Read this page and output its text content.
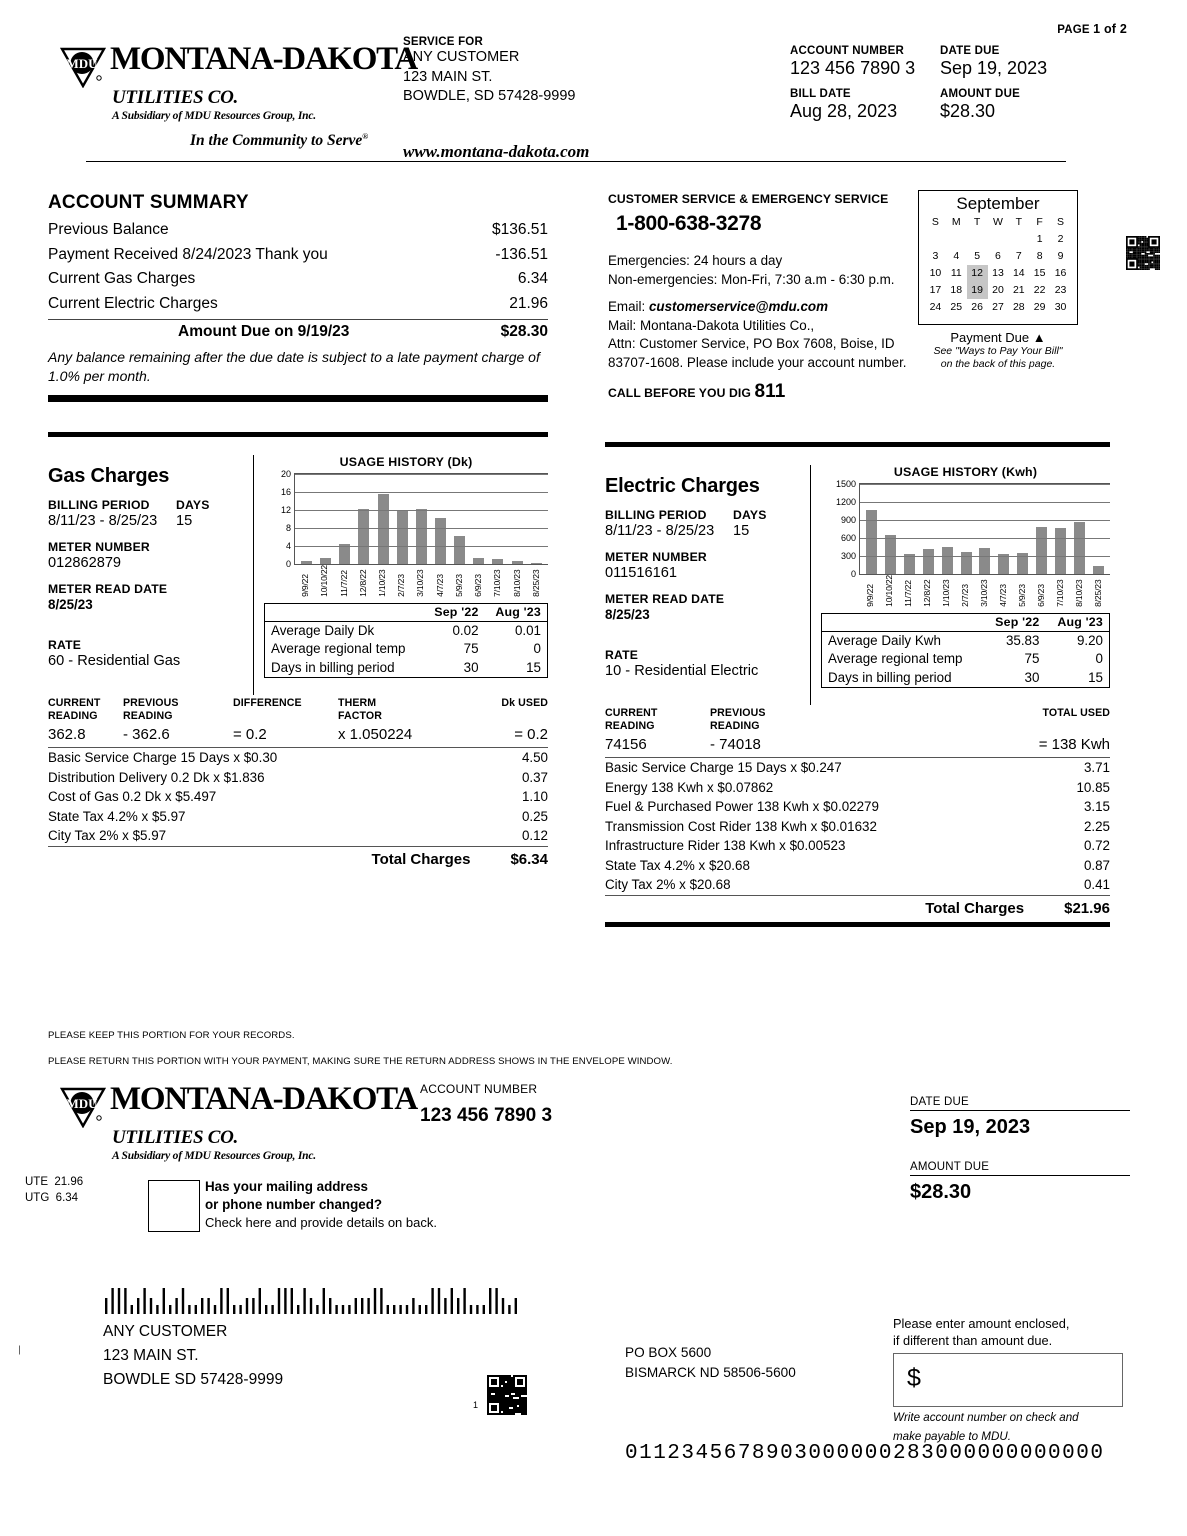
MDU MONTANA-DAKOTA
UTILITIES CO.
A Subsidiary of MDU Resources Group, Inc.
In the Community to Serve®
SERVICE FOR
ANY CUSTOMER
123 MAIN ST.
BOWDLE, SD 57428-9999
PAGE 1 of 2
ACCOUNT NUMBER	DATE DUE
123 456 7890 3	Sep 19, 2023
BILL DATE	AMOUNT DUE
Aug 28, 2023	$28.30
www.montana-dakota.com
ACCOUNT SUMMARY
Previous Balance	$136.51
Payment Received 8/24/2023 Thank you	-136.51
Current Gas Charges	6.34
Current Electric Charges	21.96
Amount Due on 9/19/23	$28.30
Any balance remaining after the due date is subject to a late payment charge of 1.0% per month.
CUSTOMER SERVICE & EMERGENCY SERVICE
1-800-638-3278
Emergencies: 24 hours a day
Non-emergencies: Mon-Fri, 7:30 a.m - 6:30 p.m.
Email: customerservice@mdu.com
Mail: Montana-Dakota Utilities Co.,
Attn: Customer Service, PO Box 7608, Boise, ID
83707-1608. Please include your account number.
CALL BEFORE YOU DIG 811
September
S	M	T	W	T	F	S
					1	2
3	4	5	6	7	8	9
10	11	12	13	14	15	16
17	18	19	20	21	22	23
24	25	26	27	28	29	30
Payment Due ▲
See "Ways to Pay Your Bill"
on the back of this page.
Gas Charges
BILLING PERIOD
8/11/23 - 8/25/23
DAYS
15
METER NUMBER
012862879
METER READ DATE
8/25/23
RATE
60 - Residential Gas
USAGE HISTORY (Dk)
0
4
8
12
16
20
9/9/22 10/10/22 11/7/22 12/8/22 1/10/23 2/7/23 3/10/23 4/7/23 5/9/23 6/9/23 7/10/23 8/10/23 8/25/23
	Sep '22	Aug '23
Average Daily Dk	0.02	0.01
Average regional temp	75	0
Days in billing period	30	15
CURRENT
READING
PREVIOUS
READING
DIFFERENCE	THERM
FACTOR
Dk USED
362.8	- 362.6	= 0.2	x 1.050224	= 0.2
Basic Service Charge 15 Days x $0.30	4.50
Distribution Delivery 0.2 Dk x $1.836	0.37
Cost of Gas 0.2 Dk x $5.497	1.10
State Tax 4.2% x $5.97	0.25
City Tax 2% x $5.97	0.12
Total Charges	$6.34
Electric Charges
BILLING PERIOD
8/11/23 - 8/25/23
DAYS
15
METER NUMBER
011516161
METER READ DATE
8/25/23
RATE
10 - Residential Electric
USAGE HISTORY (Kwh)
0
300
600
900
1200
1500
9/9/22 10/10/22 11/7/22 12/8/22 1/10/23 2/7/23 3/10/23 4/7/23 5/9/23 6/9/23 7/10/23 8/10/23 8/25/23
	Sep '22	Aug '23
Average Daily Kwh	35.83	9.20
Average regional temp	75	0
Days in billing period	30	15
CURRENT
READING
PREVIOUS
READING
TOTAL USED
74156	- 74018	= 138 Kwh
Basic Service Charge 15 Days x $0.247	3.71
Energy 138 Kwh x $0.07862	10.85
Fuel & Purchased Power 138 Kwh x $0.02279	3.15
Transmission Cost Rider 138 Kwh x $0.01632	2.25
Infrastructure Rider 138 Kwh x $0.00523	0.72
State Tax 4.2% x $20.68	0.87
City Tax 2% x $20.68	0.41
Total Charges	$21.96
PLEASE KEEP THIS PORTION FOR YOUR RECORDS.
PLEASE RETURN THIS PORTION WITH YOUR PAYMENT, MAKING SURE THE RETURN ADDRESS SHOWS IN THE ENVELOPE WINDOW.
MDU MONTANA-DAKOTA
UTILITIES CO.
A Subsidiary of MDU Resources Group, Inc.
ACCOUNT NUMBER
123 456 7890 3
DATE DUE
Sep 19, 2023
AMOUNT DUE
$28.30
UTE 21.96
UTG 6.34
Has your mailing address
or phone number changed?
Check here and provide details on back.
ANY CUSTOMER
123 MAIN ST.
BOWDLE SD 57428-9999
1
PO BOX 5600
BISMARCK ND 58506-5600
Please enter amount enclosed,
if different than amount due.
$
Write account number on check and
make payable to MDU.
0112345678903000000283000000000000
—
